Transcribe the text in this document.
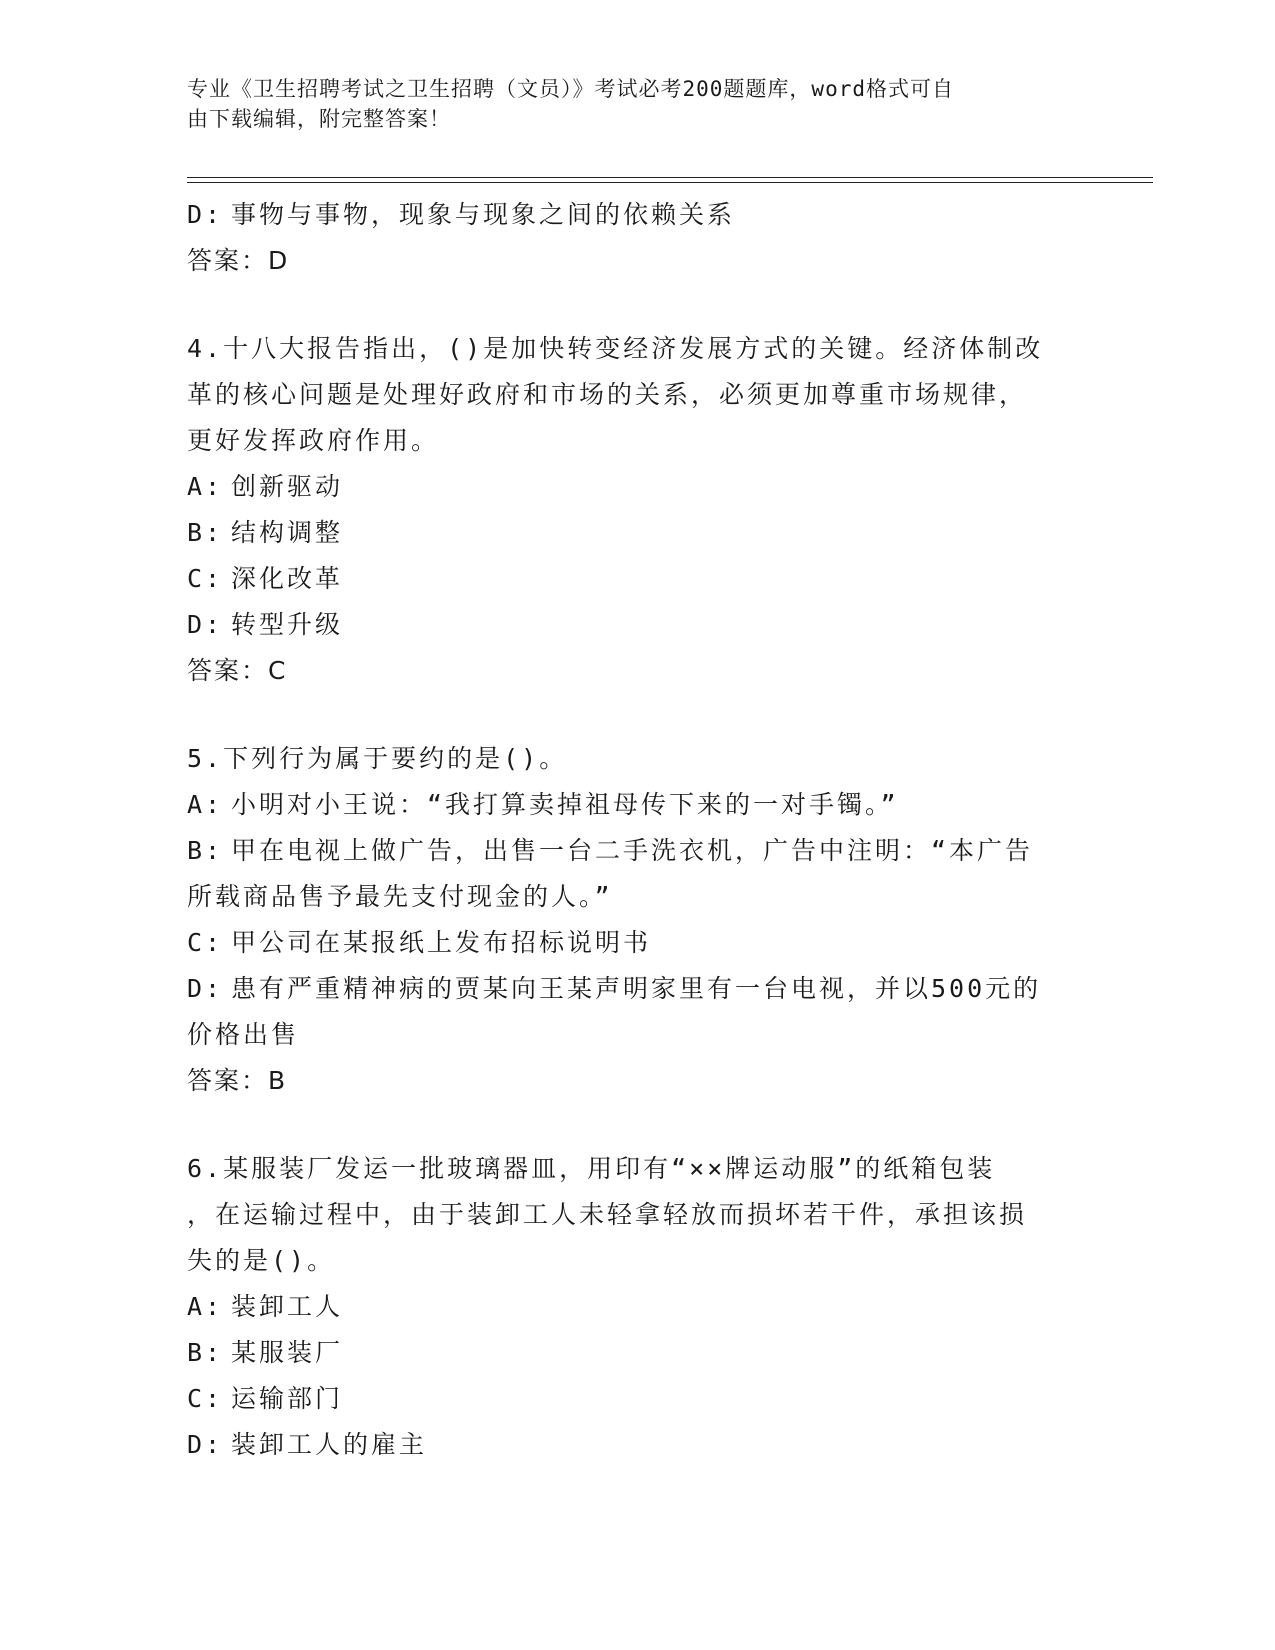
专业《卫生招聘考试之卫生招聘（文员）》考试必考200题题库，word格式可自
由下载编辑，附完整答案！
D: 事物与事物，现象与现象之间的依赖关系
答案：D
4.十八大报告指出，()是加快转变经济发展方式的关键。经济体制改
革的核心问题是处理好政府和市场的关系，必须更加尊重市场规律，
更好发挥政府作用。
A: 创新驱动
B: 结构调整
C: 深化改革
D: 转型升级
答案：C
5.下列行为属于要约的是()。
A: 小明对小王说：“我打算卖掉祖母传下来的一对手镯。”
B: 甲在电视上做广告，出售一台二手洗衣机，广告中注明：“本广告
所载商品售予最先支付现金的人。”
C: 甲公司在某报纸上发布招标说明书
D: 患有严重精神病的贾某向王某声明家里有一台电视，并以500元的
价格出售
答案：B
6.某服装厂发运一批玻璃器皿，用印有“××牌运动服”的纸箱包装
，在运输过程中，由于装卸工人未轻拿轻放而损坏若干件，承担该损
失的是()。
A: 装卸工人
B: 某服装厂
C: 运输部门
D: 装卸工人的雇主
